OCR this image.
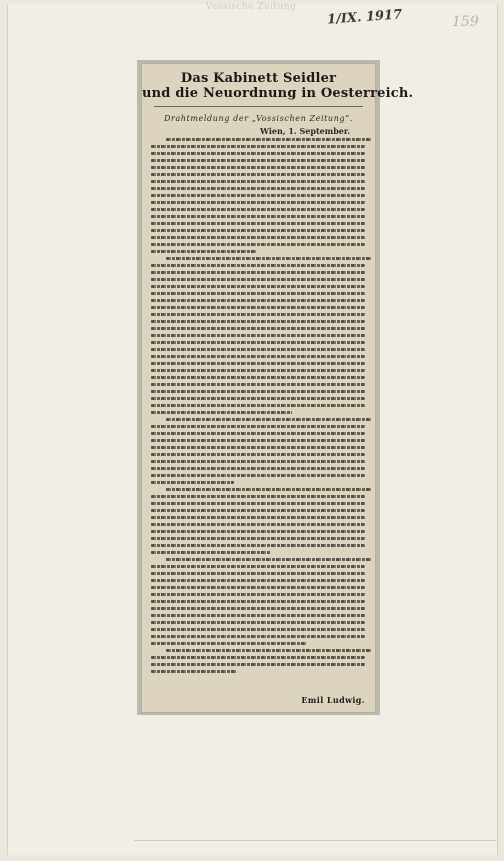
Vossische Zeitung
1/IX. 1917	159
Das Kabinett Seidler
und die Neuordnung in Oesterreich.
Drahtmeldung der „Vossischen Zeitung“.
Wien, 1. September.
Emil Ludwig.
